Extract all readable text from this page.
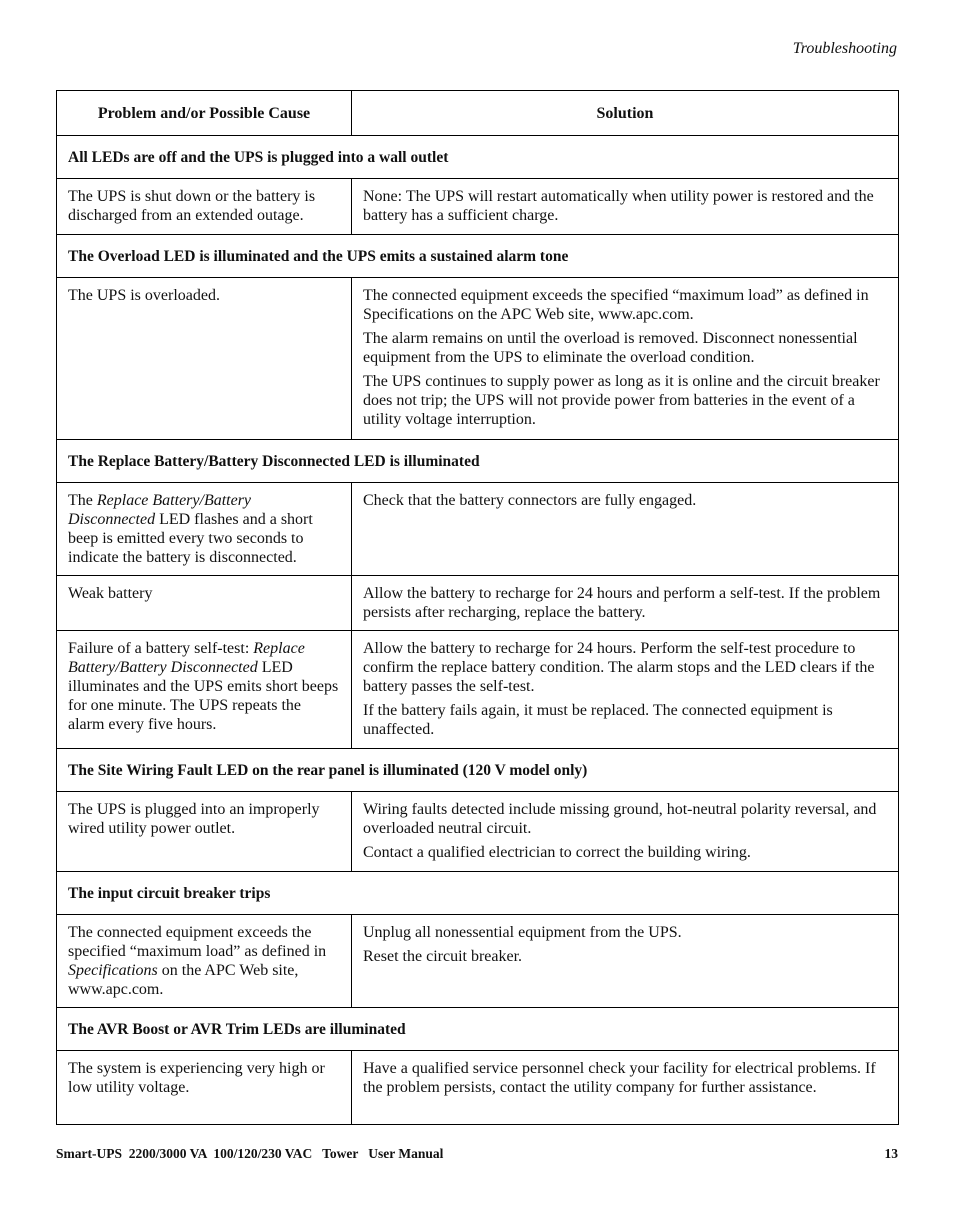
Troubleshooting
Problem and/or Possible Cause	Solution
All LEDs are off and the UPS is plugged into a wall outlet	
The UPS is shut down or the battery is discharged from an extended outage.	None: The UPS will restart automatically when utility power is restored and the battery has a sufficient charge.
The Overload LED is illuminated and the UPS emits a sustained alarm tone	
The UPS is overloaded.	The connected equipment exceeds the specified “maximum load” as defined in Specifications on the APC Web site, www.apc.com.

The alarm remains on until the overload is removed. Disconnect nonessential equipment from the UPS to eliminate the overload condition.

The UPS continues to supply power as long as it is online and the circuit breaker does not trip; the UPS will not provide power from batteries in the event of a utility voltage interruption.

The Replace Battery/Battery Disconnected LED is illuminated	
The Replace Battery/Battery Disconnected LED flashes and a short beep is emitted every two seconds to indicate the battery is disconnected.	Check that the battery connectors are fully engaged.
Weak battery	Allow the battery to recharge for 24 hours and perform a self-test. If the problem persists after recharging, replace the battery.
Failure of a battery self-test: Replace Battery/Battery Disconnected LED illuminates and the UPS emits short beeps for one minute. The UPS repeats the alarm every five hours.	Allow the battery to recharge for 24 hours. Perform the self-test procedure to confirm the replace battery condition. The alarm stops and the LED clears if the battery passes the self-test.

If the battery fails again, it must be replaced. The connected equipment is unaffected.

The Site Wiring Fault LED on the rear panel is illuminated (120 V model only)	
The UPS is plugged into an improperly wired utility power outlet.	Wiring faults detected include missing ground, hot-neutral polarity reversal, and overloaded neutral circuit.

Contact a qualified electrician to correct the building wiring.

The input circuit breaker trips	
The connected equipment exceeds the specified “maximum load” as defined in Specifications on the APC Web site, www.apc.com.	Unplug all nonessential equipment from the UPS.

Reset the circuit breaker.

The AVR Boost or AVR Trim LEDs are illuminated	
The system is experiencing very high or low utility voltage.	Have a qualified service personnel check your facility for electrical problems. If the problem persists, contact the utility company for further assistance.
Smart-UPS  2200/3000 VA  100/120/230 VAC   Tower   User Manual	13
